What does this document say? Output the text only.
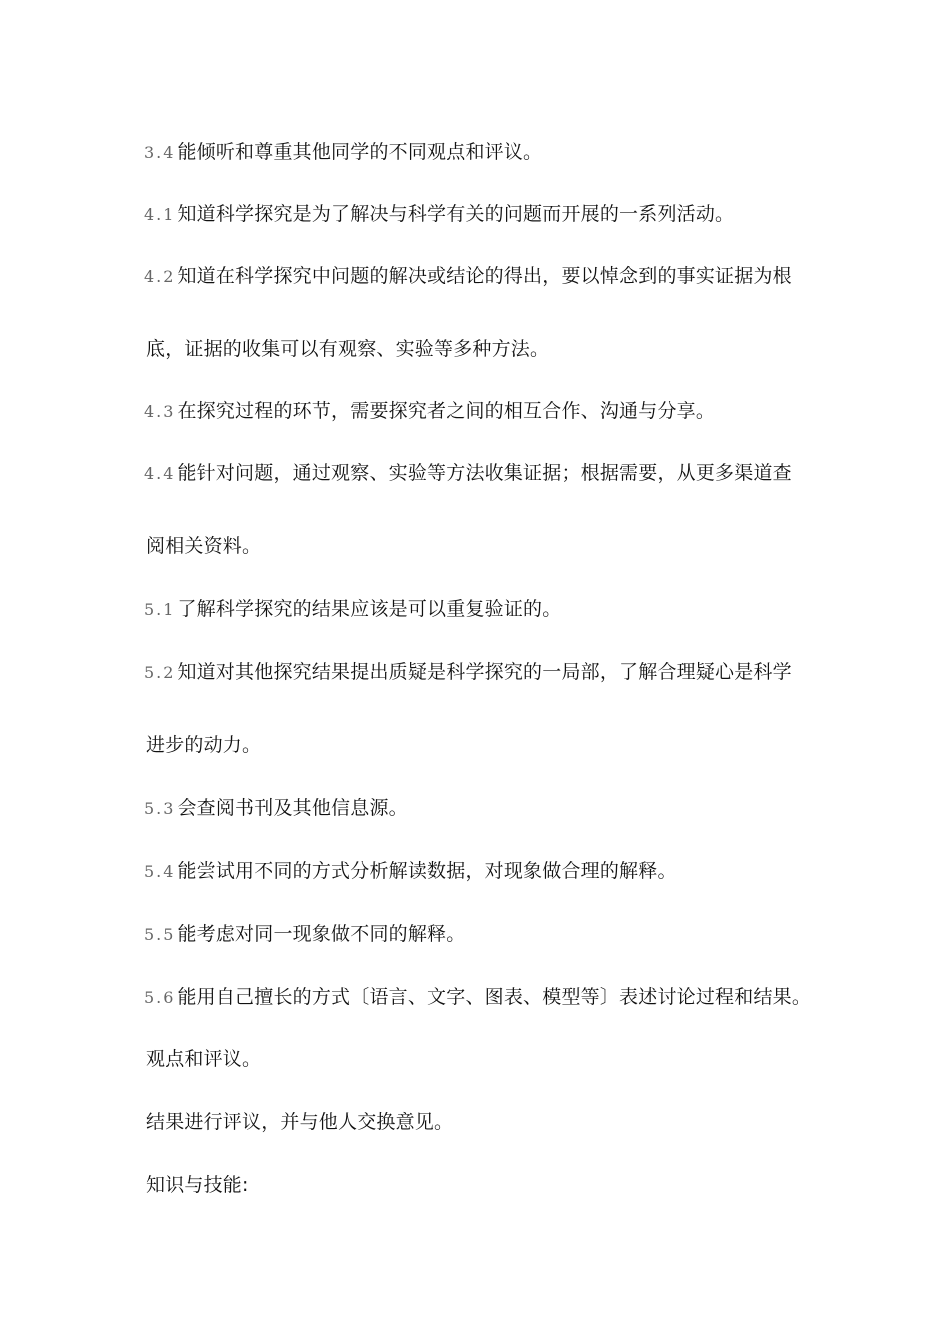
3.4 能倾听和尊重其他同学的不同观点和评议。
4.1 知道科学探究是为了解决与科学有关的问题而开展的一系列活动。
4.2 知道在科学探究中问题的解决或结论的得出，要以悼念到的事实证据为根
底，证据的收集可以有观察、实验等多种方法。
4.3 在探究过程的环节，需要探究者之间的相互合作、沟通与分享。
4.4 能针对问题，通过观察、实验等方法收集证据；根据需要，从更多渠道查
阅相关资料。
5.1 了解科学探究的结果应该是可以重复验证的。
5.2 知道对其他探究结果提出质疑是科学探究的一局部，了解合理疑心是科学
进步的动力。
5.3 会查阅书刊及其他信息源。
5.4 能尝试用不同的方式分析解读数据，对现象做合理的解释。
5.5 能考虑对同一现象做不同的解释。
5.6 能用自己擅长的方式〔语言、文字、图表、模型等〕表述讨论过程和结果。
观点和评议。
结果进行评议，并与他人交换意见。
知识与技能:
